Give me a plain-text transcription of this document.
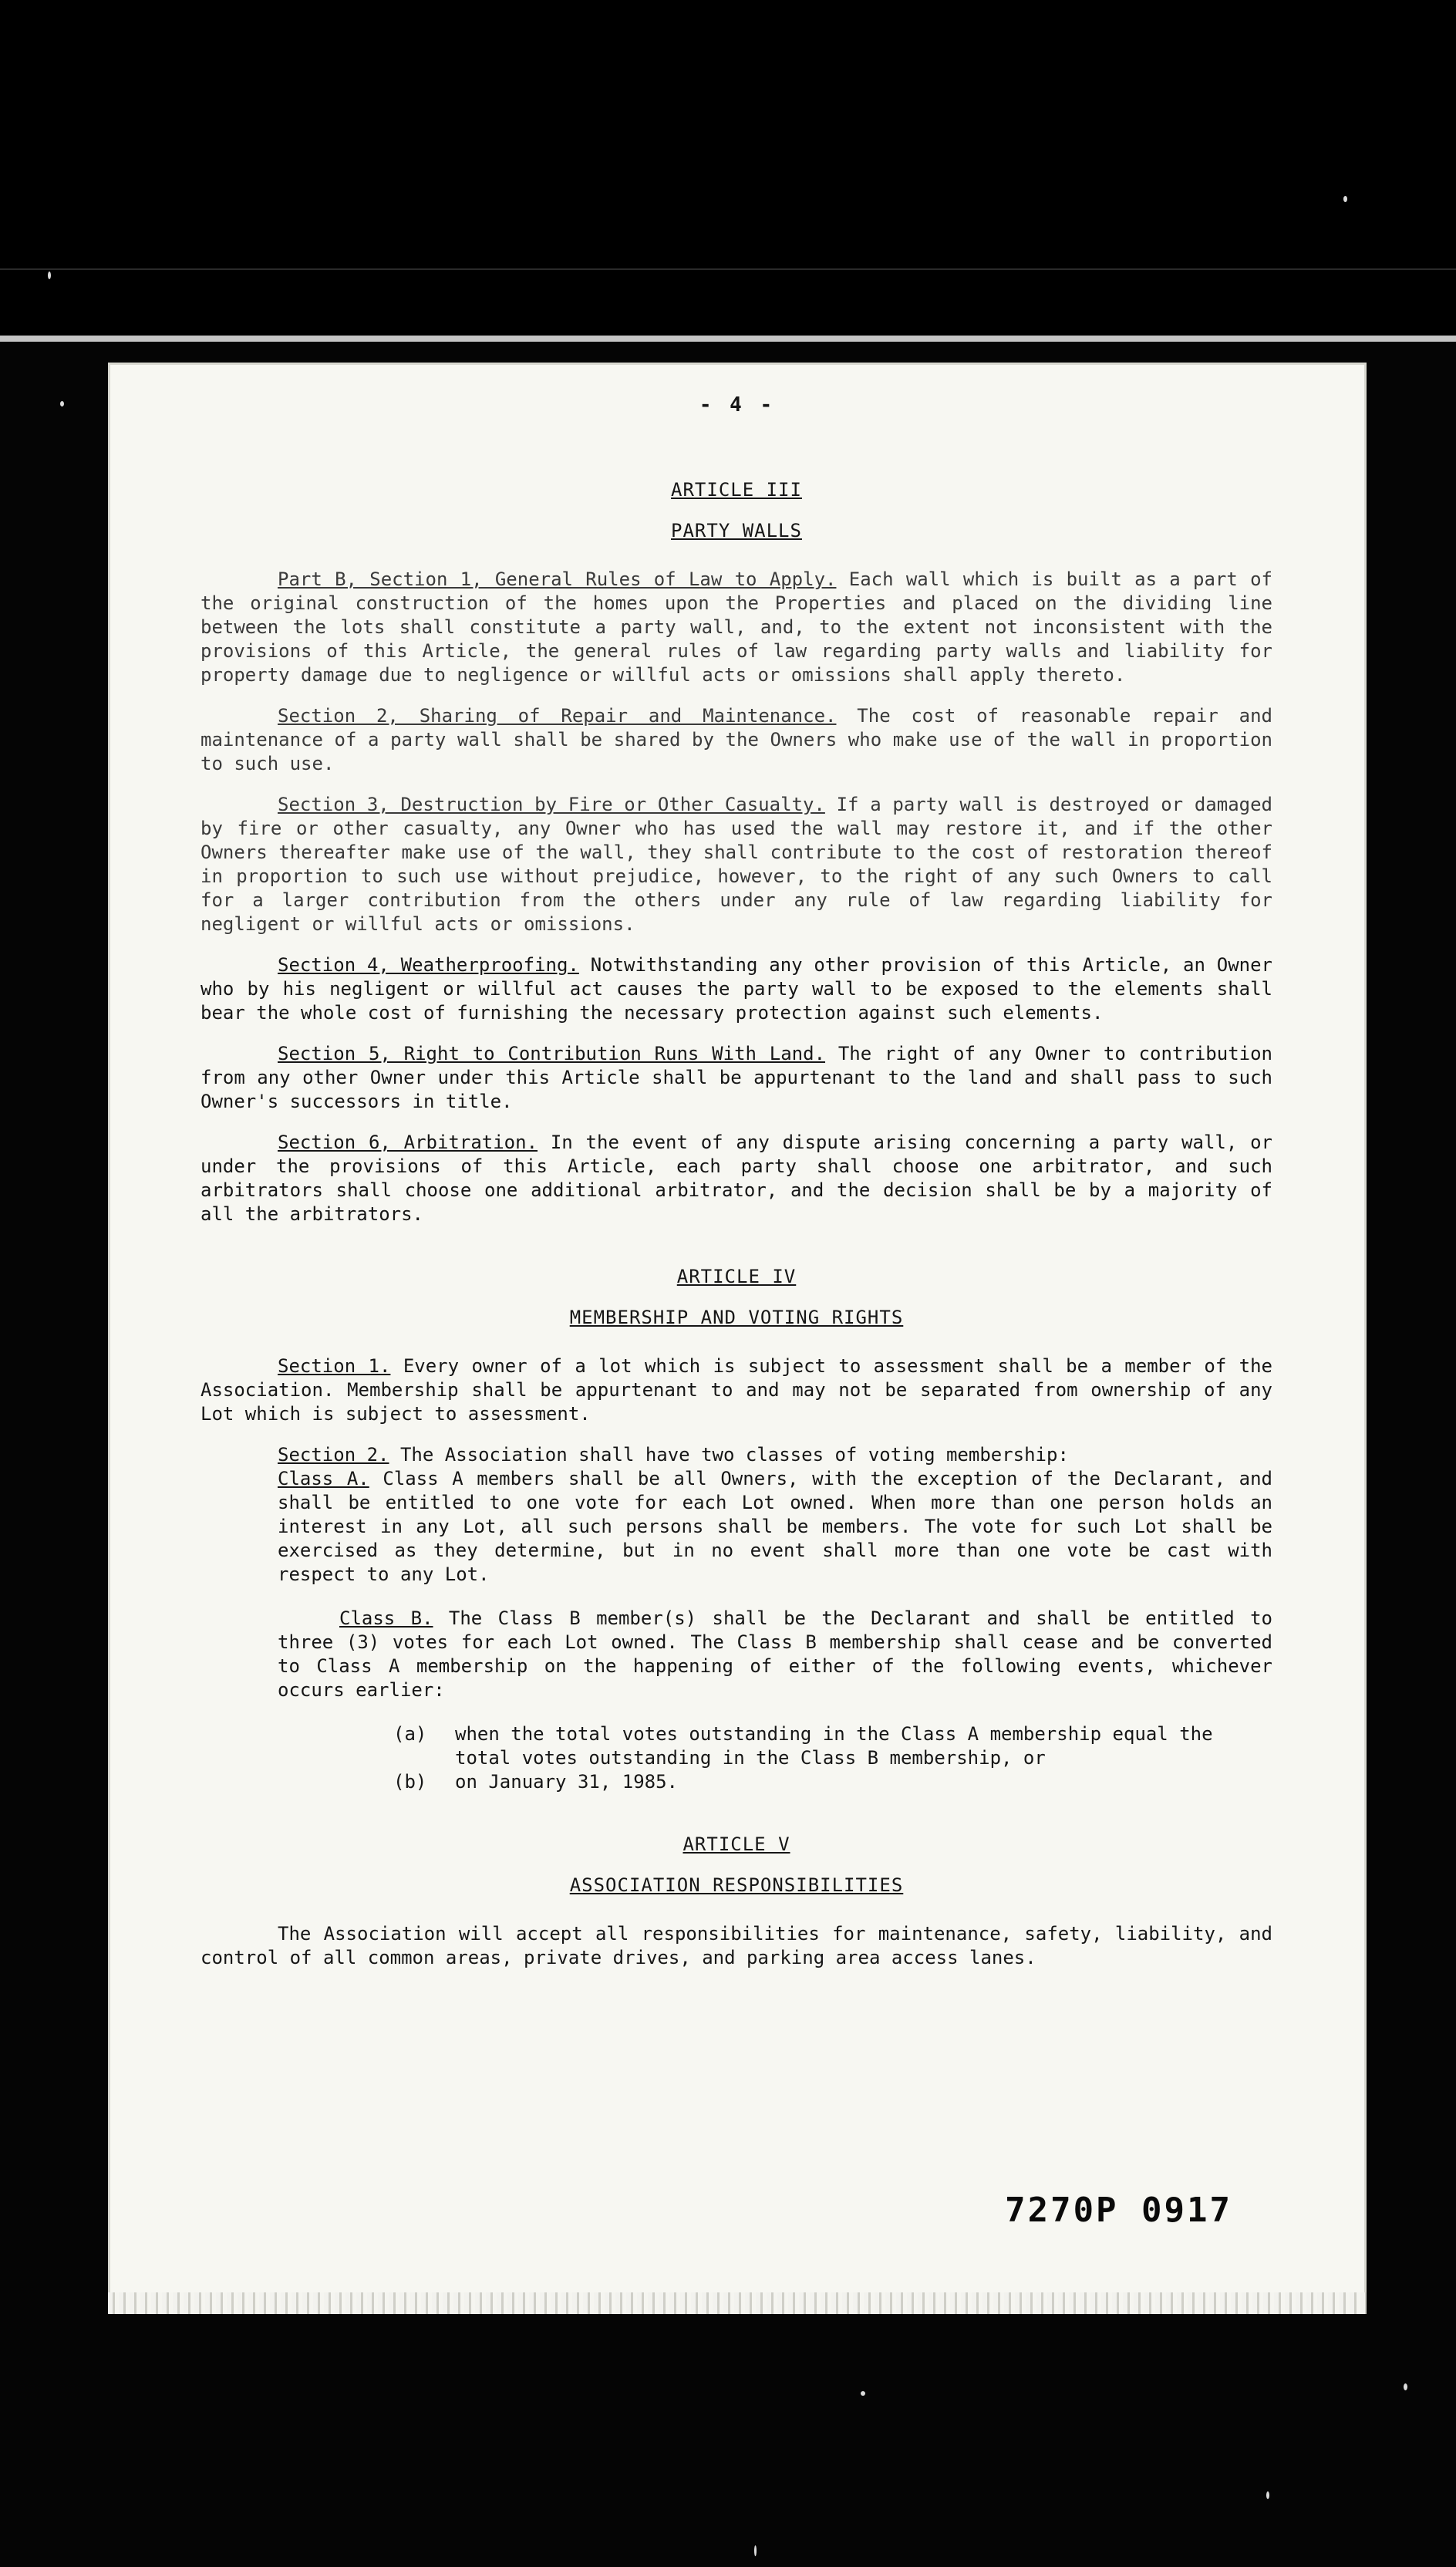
- 4 -
ARTICLE III
PARTY WALLS

Part B, Section 1, General Rules of Law to Apply. Each wall which is built as a part of the original construction of the homes upon the Properties and placed on the dividing line between the lots shall constitute a party wall, and, to the extent not inconsistent with the provisions of this Article, the general rules of law regarding party walls and liability for property damage due to negligence or willful acts or omissions shall apply thereto.

Section 2, Sharing of Repair and Maintenance. The cost of reasonable repair and maintenance of a party wall shall be shared by the Owners who make use of the wall in proportion to such use.

Section 3, Destruction by Fire or Other Casualty. If a party wall is destroyed or damaged by fire or other casualty, any Owner who has used the wall may restore it, and if the other Owners thereafter make use of the wall, they shall contribute to the cost of restoration thereof in proportion to such use without prejudice, however, to the right of any such Owners to call for a larger contribution from the others under any rule of law regarding liability for negligent or willful acts or omissions.

Section 4, Weatherproofing. Notwithstanding any other provision of this Article, an Owner who by his negligent or willful act causes the party wall to be exposed to the elements shall bear the whole cost of furnishing the necessary protection against such elements.

Section 5, Right to Contribution Runs With Land. The right of any Owner to contribution from any other Owner under this Article shall be appurtenant to the land and shall pass to such Owner's successors in title.

Section 6, Arbitration. In the event of any dispute arising concerning a party wall, or under the provisions of this Article, each party shall choose one arbitrator, and such arbitrators shall choose one additional arbitrator, and the decision shall be by a majority of all the arbitrators.

ARTICLE IV
MEMBERSHIP AND VOTING RIGHTS

Section 1. Every owner of a lot which is subject to assessment shall be a member of the Association. Membership shall be appurtenant to and may not be separated from ownership of any Lot which is subject to assessment.

Section 2. The Association shall have two classes of voting membership:

Class A. Class A members shall be all Owners, with the exception of the Declarant, and shall be entitled to one vote for each Lot owned. When more than one person holds an interest in any Lot, all such persons shall be members. The vote for such Lot shall be exercised as they determine, but in no event shall more than one vote be cast with respect to any Lot.

Class B. The Class B member(s) shall be the Declarant and shall be entitled to three (3) votes for each Lot owned. The Class B membership shall cease and be converted to Class A membership on the happening of either of the following events, whichever occurs earlier:

(a)	when the total votes outstanding in the Class A membership equal the total votes outstanding in the Class B membership, or
(b)	on January 31, 1985.
ARTICLE V
ASSOCIATION RESPONSIBILITIES

The Association will accept all responsibilities for maintenance, safety, liability, and control of all common areas, private drives, and parking area access lanes.

7270P 0917
